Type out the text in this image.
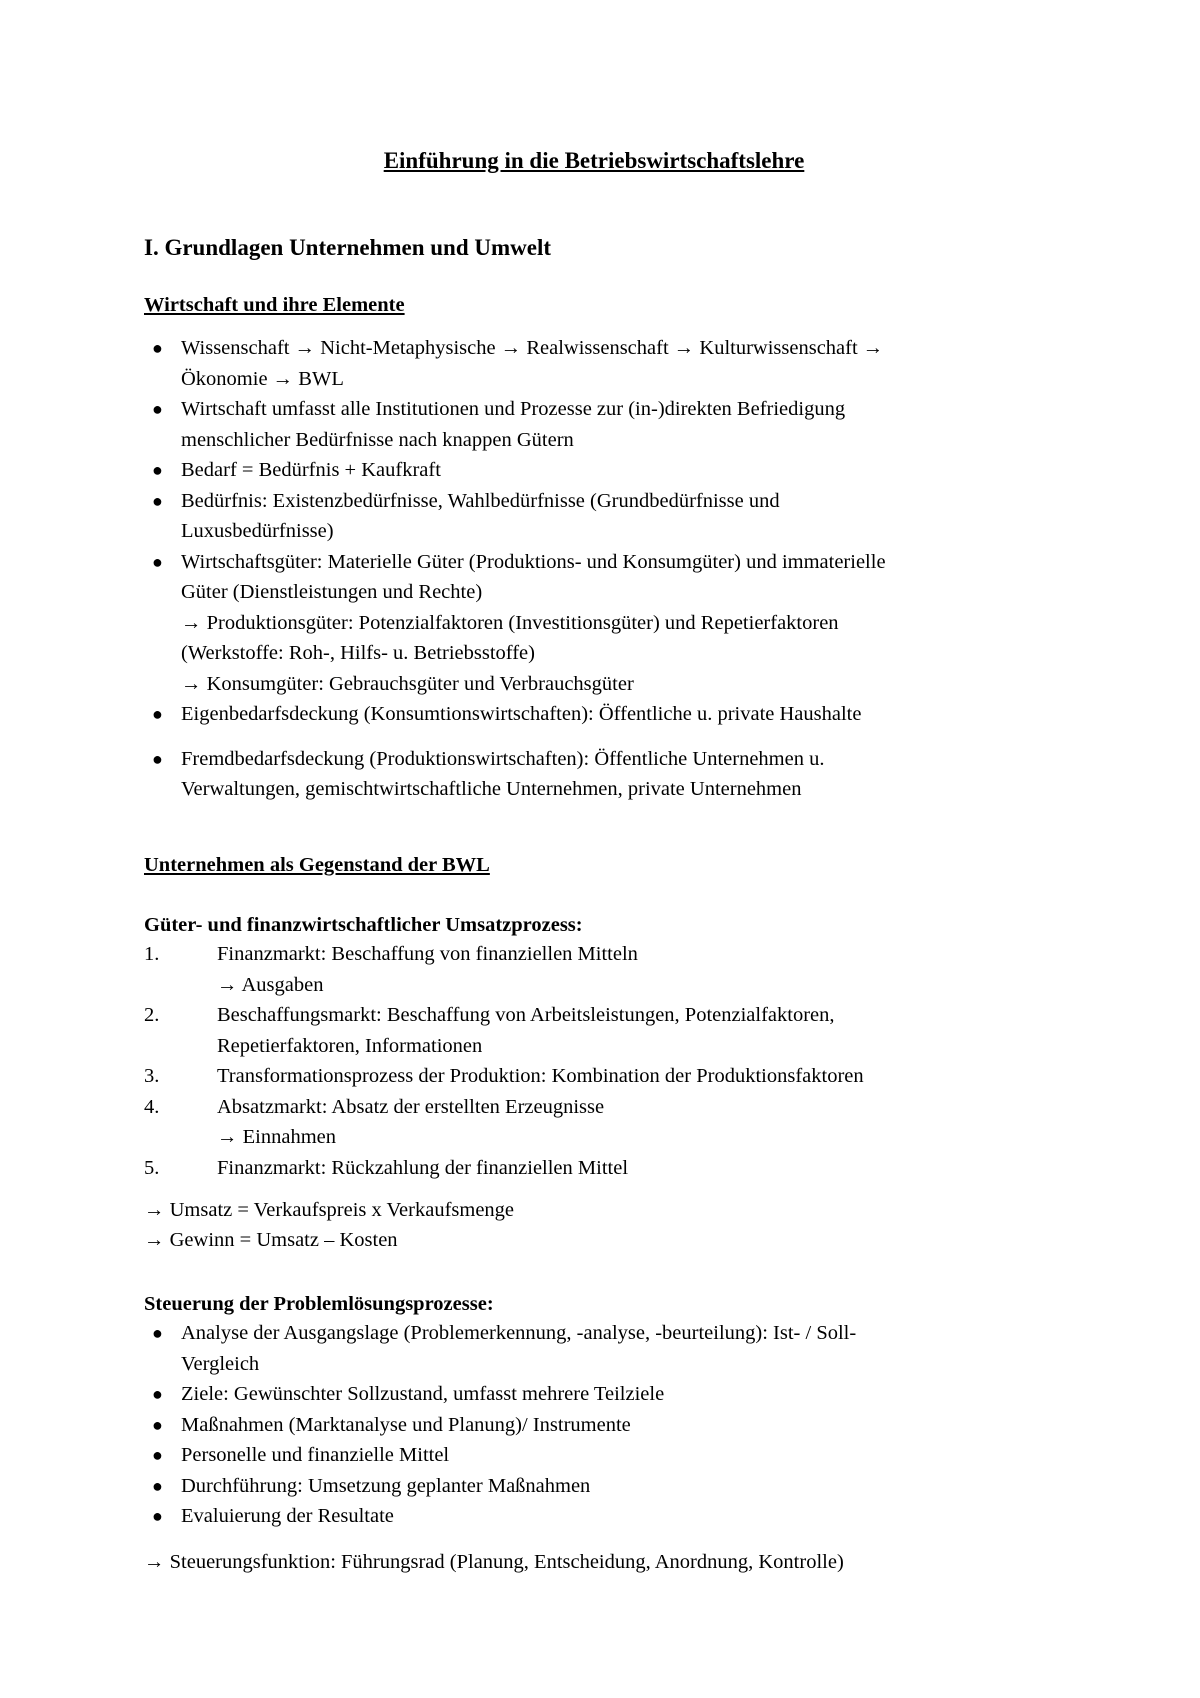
Einführung in die Betriebswirtschaftslehre
I. Grundlagen Unternehmen und Umwelt
Wirtschaft und ihre Elemente
● Wissenschaft → Nicht-Metaphysische → Realwissenschaft → Kulturwissenschaft →
Ökonomie → BWL
● Wirtschaft umfasst alle Institutionen und Prozesse zur (in-)direkten Befriedigung
menschlicher Bedürfnisse nach knappen Gütern
● Bedarf = Bedürfnis + Kaufkraft
● Bedürfnis: Existenzbedürfnisse, Wahlbedürfnisse (Grundbedürfnisse und
Luxusbedürfnisse)
● Wirtschaftsgüter: Materielle Güter (Produktions- und Konsumgüter) und immaterielle
Güter (Dienstleistungen und Rechte)
→ Produktionsgüter: Potenzialfaktoren (Investitionsgüter) und Repetierfaktoren
(Werkstoffe: Roh-, Hilfs- u. Betriebsstoffe)
→ Konsumgüter: Gebrauchsgüter und Verbrauchsgüter
● Eigenbedarfsdeckung (Konsumtionswirtschaften): Öffentliche u. private Haushalte
● Fremdbedarfsdeckung (Produktionswirtschaften): Öffentliche Unternehmen u.
Verwaltungen, gemischtwirtschaftliche Unternehmen, private Unternehmen
Unternehmen als Gegenstand der BWL
Güter- und finanzwirtschaftlicher Umsatzprozess:
1.	Finanzmarkt: Beschaffung von finanziellen Mitteln
→ Ausgaben
2.	Beschaffungsmarkt: Beschaffung von Arbeitsleistungen, Potenzialfaktoren,
Repetierfaktoren, Informationen
3.	Transformationsprozess der Produktion: Kombination der Produktionsfaktoren
4.	Absatzmarkt: Absatz der erstellten Erzeugnisse
→ Einnahmen
5.	Finanzmarkt: Rückzahlung der finanziellen Mittel
→ Umsatz = Verkaufspreis x Verkaufsmenge
→ Gewinn = Umsatz – Kosten
Steuerung der Problemlösungsprozesse:
● Analyse der Ausgangslage (Problemerkennung, -analyse, -beurteilung): Ist- / Soll-
Vergleich
● Ziele: Gewünschter Sollzustand, umfasst mehrere Teilziele
● Maßnahmen (Marktanalyse und Planung)/ Instrumente
● Personelle und finanzielle Mittel
● Durchführung: Umsetzung geplanter Maßnahmen
● Evaluierung der Resultate
→ Steuerungsfunktion: Führungsrad (Planung, Entscheidung, Anordnung, Kontrolle)
